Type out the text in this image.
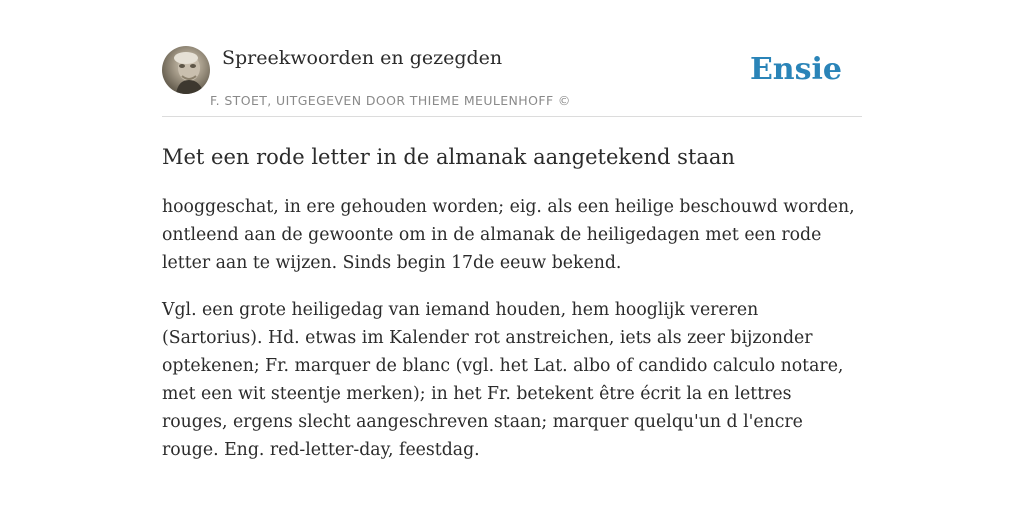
Spreekwoorden en gezegden
F. STOET, UITGEGEVEN DOOR THIEME MEULENHOFF ©
Ensie
Met een rode letter in de almanak aangetekend staan

hooggeschat, in ere gehouden worden; eig. als een heilige beschouwd worden, ontleend aan de gewoonte om in de almanak de heiligedagen met een rode letter aan te wijzen. Sinds begin 17de eeuw bekend.

Vgl. een grote heiligedag van iemand houden, hem hooglijk vereren (Sartorius). Hd. etwas im Kalender rot anstreichen, iets als zeer bijzonder optekenen; Fr. marquer de blanc (vgl. het Lat. albo of candido calculo notare, met een wit steentje merken); in het Fr. betekent être écrit la en lettres rouges, ergens slecht aangeschreven staan; marquer quelqu'un d l'encre rouge. Eng. red-letter-day, feestdag.
